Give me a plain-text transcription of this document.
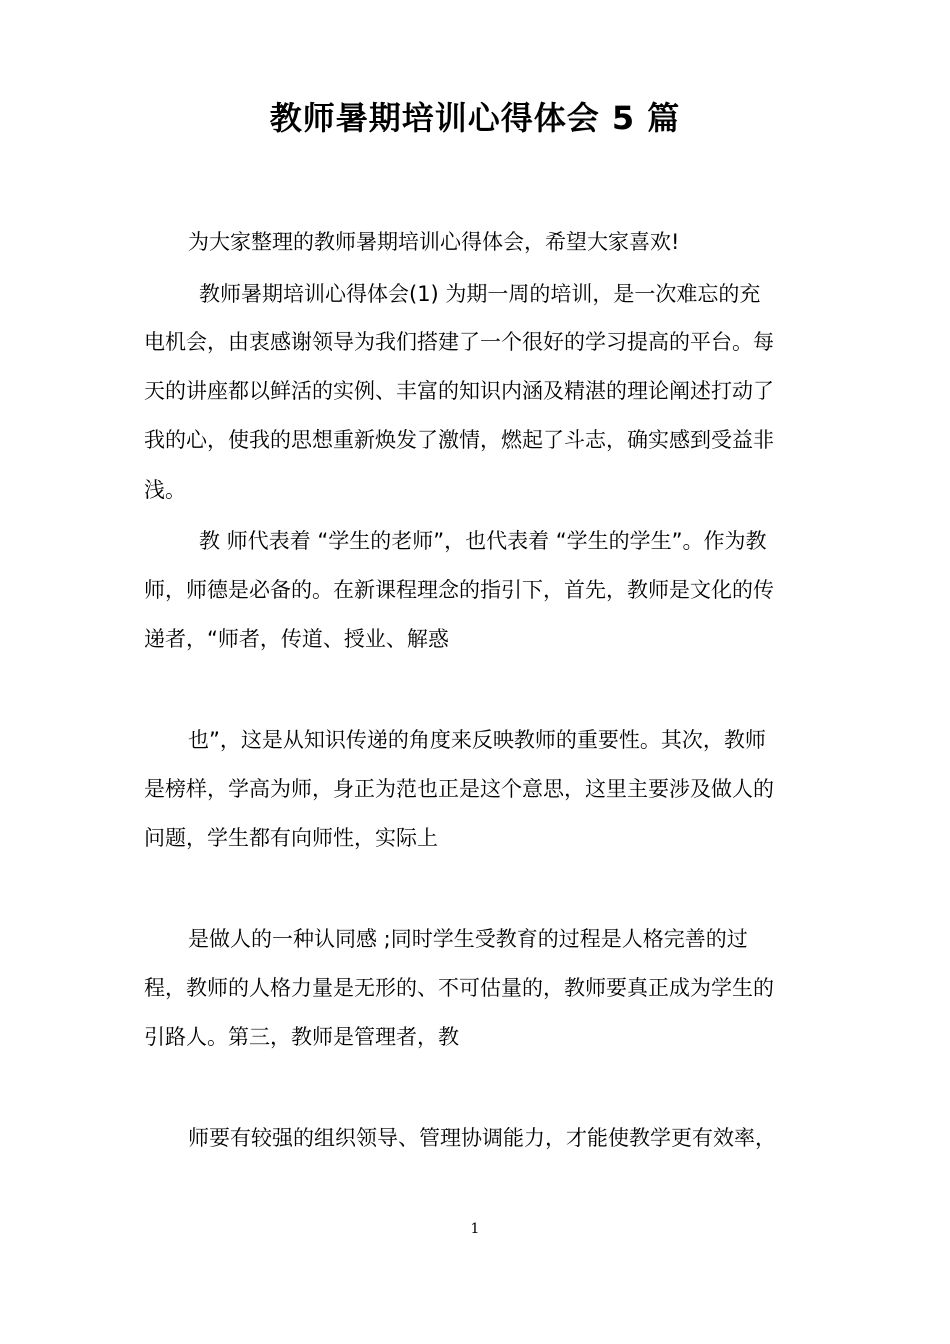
教师暑期培训心得体会 5 篇
为大家整理的教师暑期培训心得体会，希望大家喜欢!
教师暑期培训心得体会(1) 为期一周的培训，是一次难忘的充
电机会，由衷感谢领导为我们搭建了一个很好的学习提高的平台。每
天的讲座都以鲜活的实例、丰富的知识内涵及精湛的理论阐述打动了
我的心，使我的思想重新焕发了激情，燃起了斗志，确实感到受益非
浅。
教 师代表着 “学生的老师”，也代表着 “学生的学生”。作为教
师，师德是必备的。在新课程理念的指引下，首先，教师是文化的传
递者，“师者，传道、授业、解惑
也”，这是从知识传递的角度来反映教师的重要性。其次，教师
是榜样，学高为师，身正为范也正是这个意思，这里主要涉及做人的
问题，学生都有向师性，实际上
是做人的一种认同感 ;同时学生受教育的过程是人格完善的过
程，教师的人格力量是无形的、不可估量的，教师要真正成为学生的
引路人。第三，教师是管理者，教
师要有较强的组织领导、管理协调能力，才能使教学更有效率，
1
